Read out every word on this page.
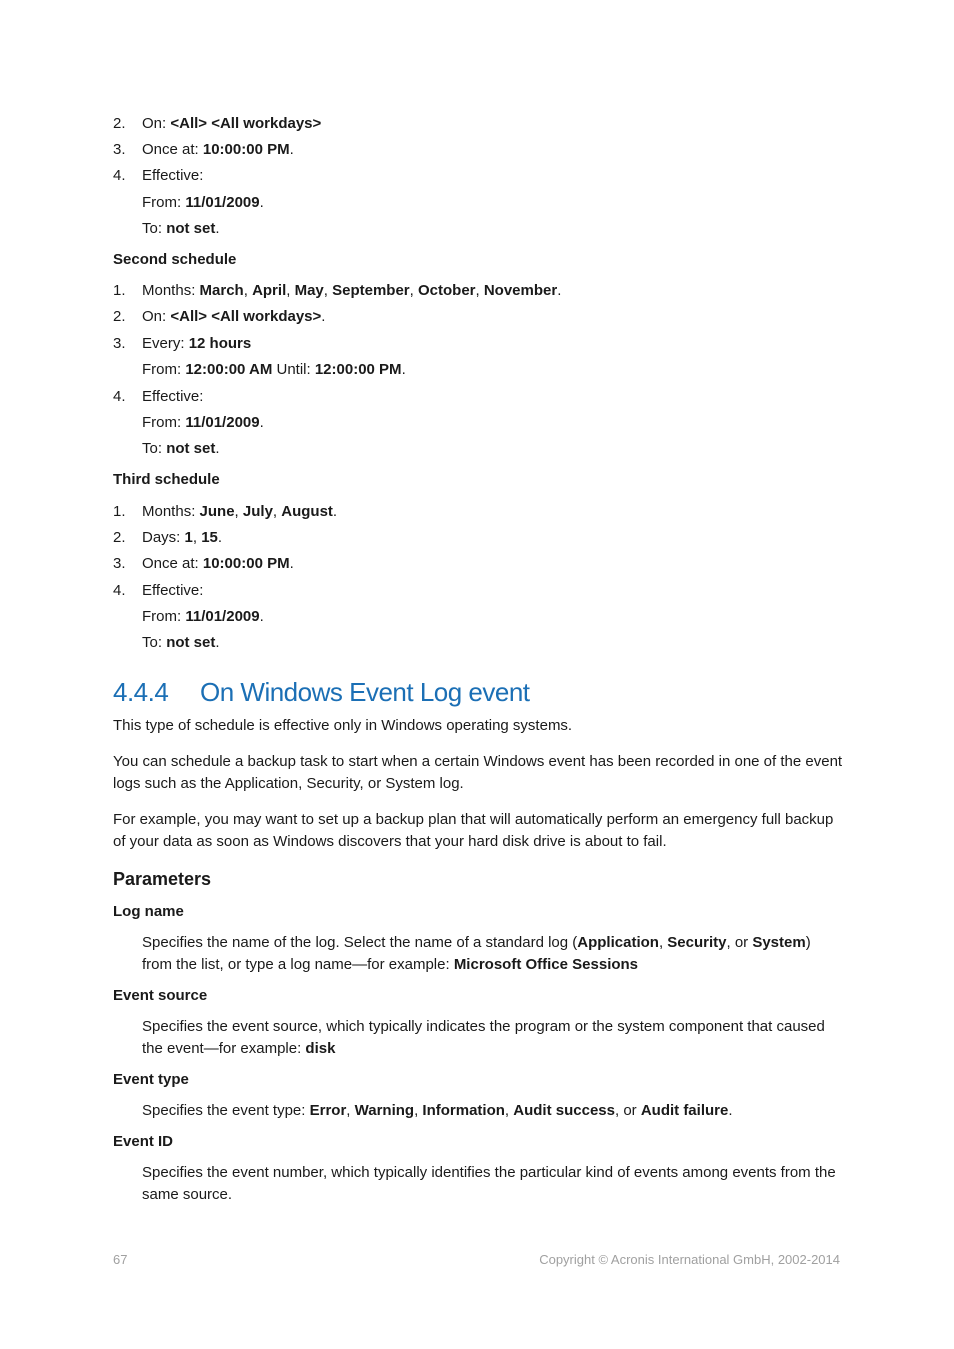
2. On: <All> <All workdays>
3. Once at: 10:00:00 PM.
4. Effective:
From: 11/01/2009.
To: not set.
Second schedule
1. Months: March, April, May, September, October, November.
2. On: <All> <All workdays>.
3. Every: 12 hours
From: 12:00:00 AM Until: 12:00:00 PM.
4. Effective:
From: 11/01/2009.
To: not set.
Third schedule
1. Months: June, July, August.
2. Days: 1, 15.
3. Once at: 10:00:00 PM.
4. Effective:
From: 11/01/2009.
To: not set.
4.4.4 On Windows Event Log event
This type of schedule is effective only in Windows operating systems.
You can schedule a backup task to start when a certain Windows event has been recorded in one of the event logs such as the Application, Security, or System log.
For example, you may want to set up a backup plan that will automatically perform an emergency full backup of your data as soon as Windows discovers that your hard disk drive is about to fail.
Parameters
Log name
Specifies the name of the log. Select the name of a standard log (Application, Security, or System) from the list, or type a log name—for example: Microsoft Office Sessions
Event source
Specifies the event source, which typically indicates the program or the system component that caused the event—for example: disk
Event type
Specifies the event type: Error, Warning, Information, Audit success, or Audit failure.
Event ID
Specifies the event number, which typically identifies the particular kind of events among events from the same source.
67	Copyright © Acronis International GmbH, 2002-2014
